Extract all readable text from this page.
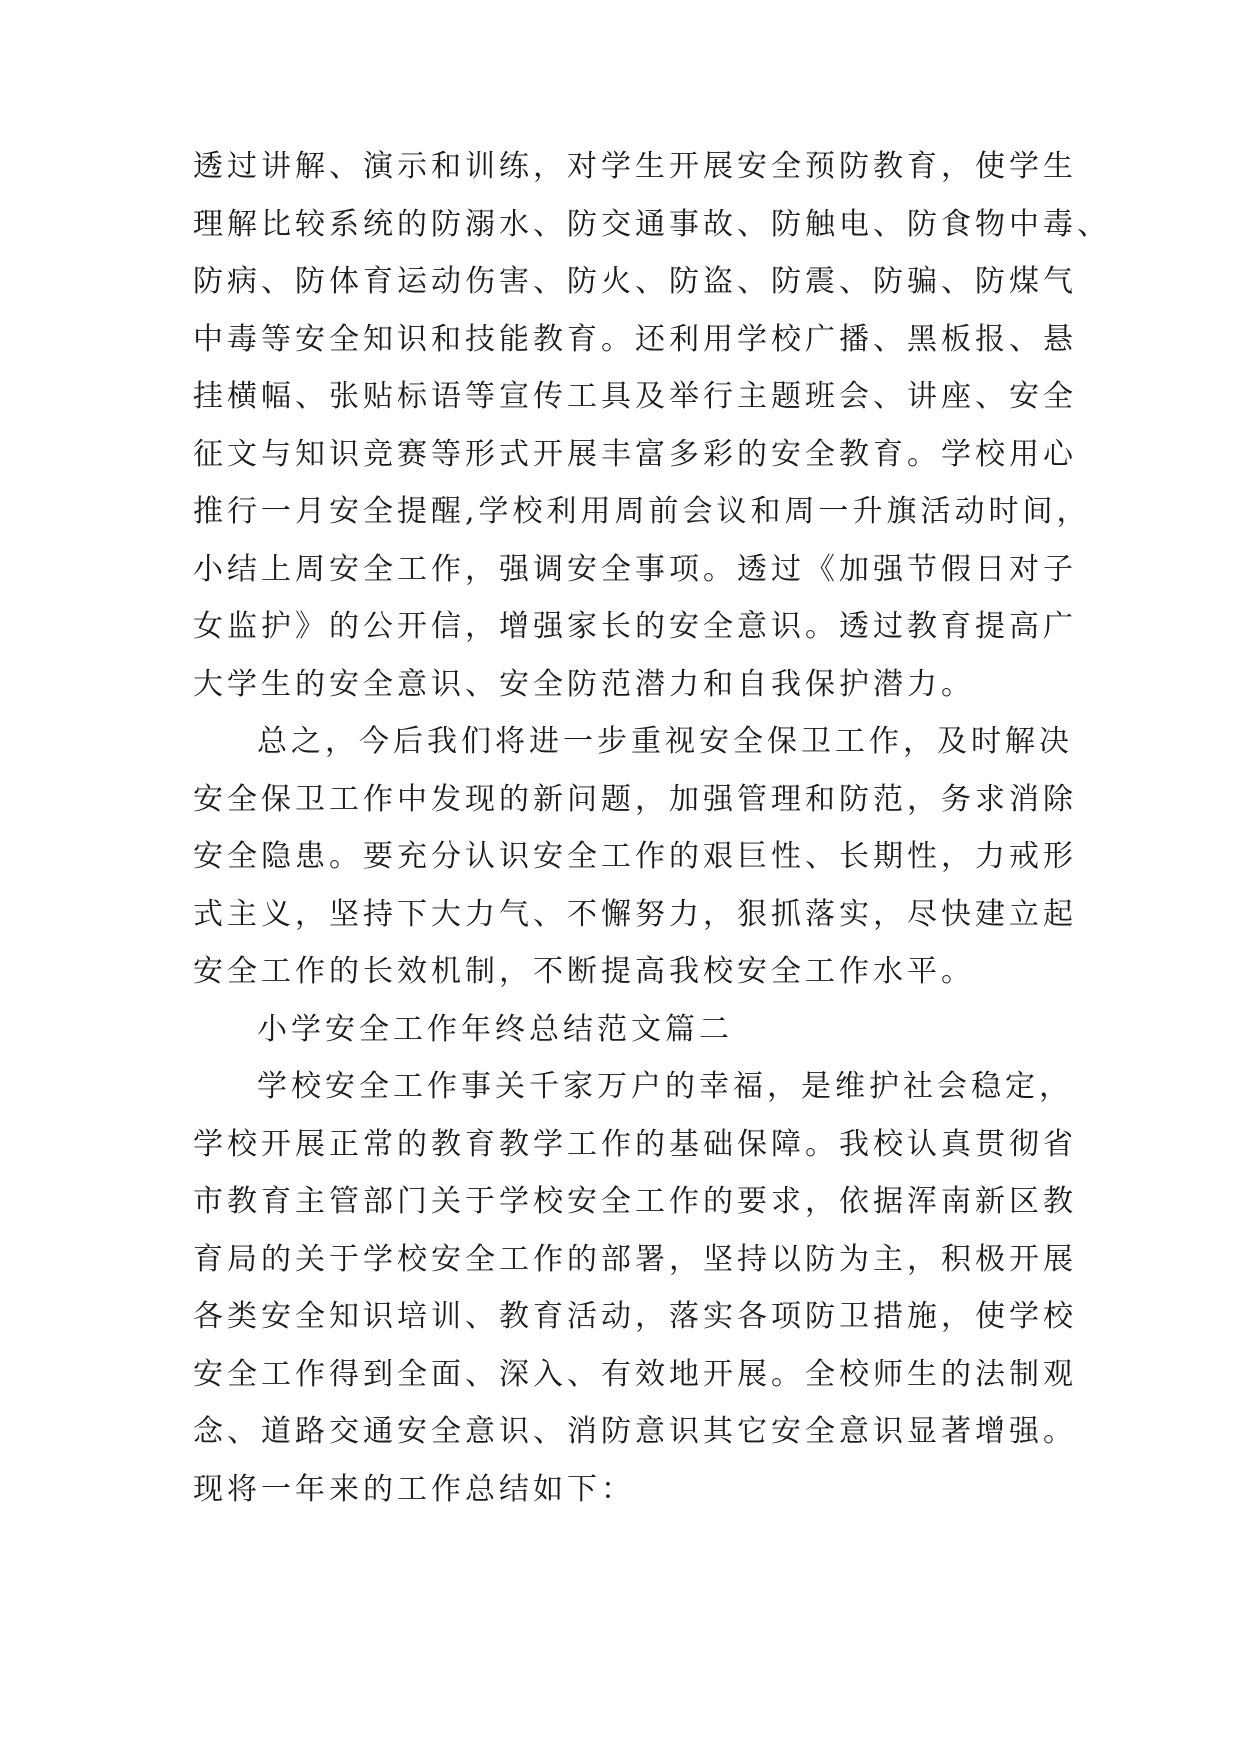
透过讲解、演示和训练，对学生开展安全预防教育，使学生
理解比较系统的防溺水、防交通事故、防触电、防食物中毒、
防病、防体育运动伤害、防火、防盗、防震、防骗、防煤气
中毒等安全知识和技能教育。还利用学校广播、黑板报、悬
挂横幅、张贴标语等宣传工具及举行主题班会、讲座、安全
征文与知识竞赛等形式开展丰富多彩的安全教育。学校用心
推行一月安全提醒,学校利用周前会议和周一升旗活动时间，
小结上周安全工作，强调安全事项。透过《加强节假日对子
女监护》的公开信，增强家长的安全意识。透过教育提高广
大学生的安全意识、安全防范潜力和自我保护潜力。
总之，今后我们将进一步重视安全保卫工作，及时解决
安全保卫工作中发现的新问题，加强管理和防范，务求消除
安全隐患。要充分认识安全工作的艰巨性、长期性，力戒形
式主义，坚持下大力气、不懈努力，狠抓落实，尽快建立起
安全工作的长效机制，不断提高我校安全工作水平。
小学安全工作年终总结范文篇二
学校安全工作事关千家万户的幸福，是维护社会稳定，
学校开展正常的教育教学工作的基础保障。我校认真贯彻省
市教育主管部门关于学校安全工作的要求，依据浑南新区教
育局的关于学校安全工作的部署，坚持以防为主，积极开展
各类安全知识培训、教育活动，落实各项防卫措施，使学校
安全工作得到全面、深入、有效地开展。全校师生的法制观
念、道路交通安全意识、消防意识其它安全意识显著增强。
现将一年来的工作总结如下：
